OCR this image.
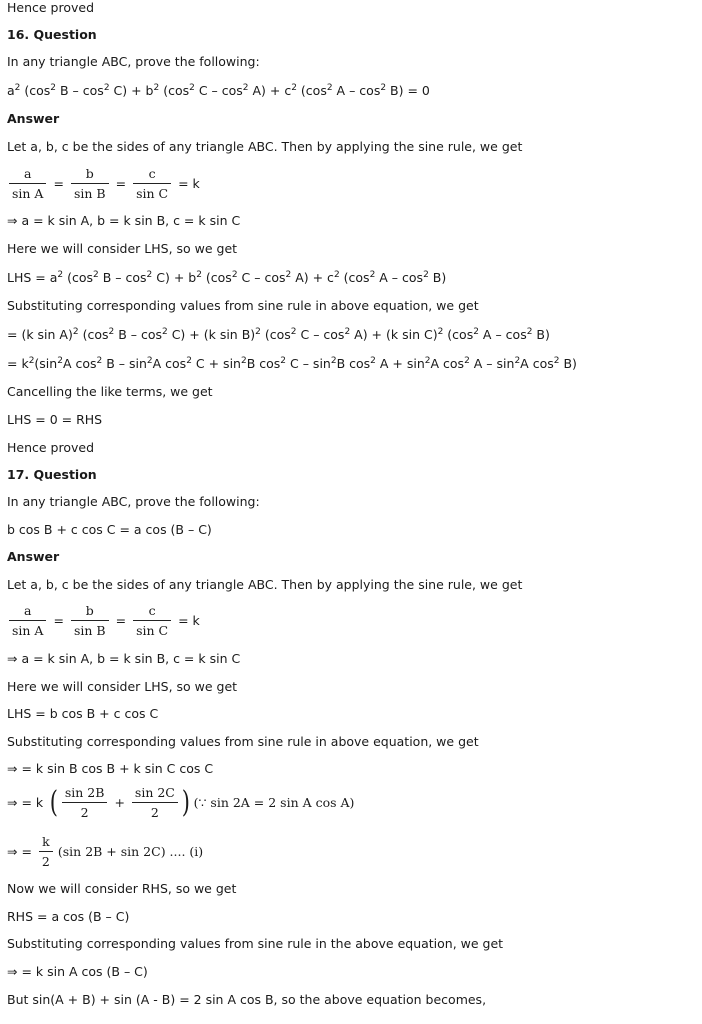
Hence proved
16. Question
In any triangle ABC, prove the following:
$a^2$ ($\cos^2$ $B - \cos^2 C) + b^2$ ($\cos^2$ $C - \cos^2 A) + c^2$ ($\cos^2$ $A - \cos^2 B) = 0$
Answer
Let a, b, c be the sides of any triangle ABC. Then by applying the sine rule, we get
$\frac{a}{\text{sin A}} = \frac{b}{\text{sin B}} = \frac{c}{\text{sin C}} = k$
⇒ a = k sin A, b = k sin B, c = k sin C
Here we will consider LHS, so we get
LHS = $a^2$ ($\cos^2$ $B - \cos^2 C) + b^2$ ($\cos^2$ $C - \cos^2 A) + c^2$ ($\cos^2$ A – $\cos^2 B$)
Substituting corresponding values from sine rule in above equation, we get
= (k sin A)$^2$ ($\cos^2$ $B - \cos^2 C) + (k$ sin B)$^2$ ($\cos^2$ $C - \cos^2 A) + (k$ sin C)$^2$ ($\cos^2$ A – $\cos^2 B$)
= $k^2(\sin^2A$ $\cos^2 B - \sin^2A$ $\cos^2 C + \sin^2B$ $\cos^2 C - \sin^2B$ $\cos^2 A + \sin^2A$ $\cos^2 A - \sin^2A$ $\cos^2 B$)
Cancelling the like terms, we get
LHS = 0 = RHS
Hence proved
17. Question
In any triangle ABC, prove the following:
b cos B + c cos C = a cos (B – C)
Answer
Let a, b, c be the sides of any triangle ABC. Then by applying the sine rule, we get
$\frac{a}{\text{sin A}} = \frac{b}{\text{sin B}} = \frac{c}{\text{sin C}} = k$
⇒ a = k sin A, b = k sin B, c = k sin C
Here we will consider LHS, so we get
LHS = b cos B + c cos C
Substituting corresponding values from sine rule in above equation, we get
⇒ = k sin B cos B + k sin C cos C
⇒ = k ( $\frac{\sin 2B}{2} + \frac{\sin 2C}{2}$ ) (∵ sin 2A = 2 sin A cos A)
⇒ = $\frac{k}{2} (\sin$ 2B + sin 2C) .... (i)
Now we will consider RHS, so we get
RHS = a cos (B – C)
Substituting corresponding values from sine rule in the above equation, we get
⇒ = k sin A cos (B – C)
But sin(A + B) + sin (A - B) = 2 sin A cos B, so the above equation becomes,
